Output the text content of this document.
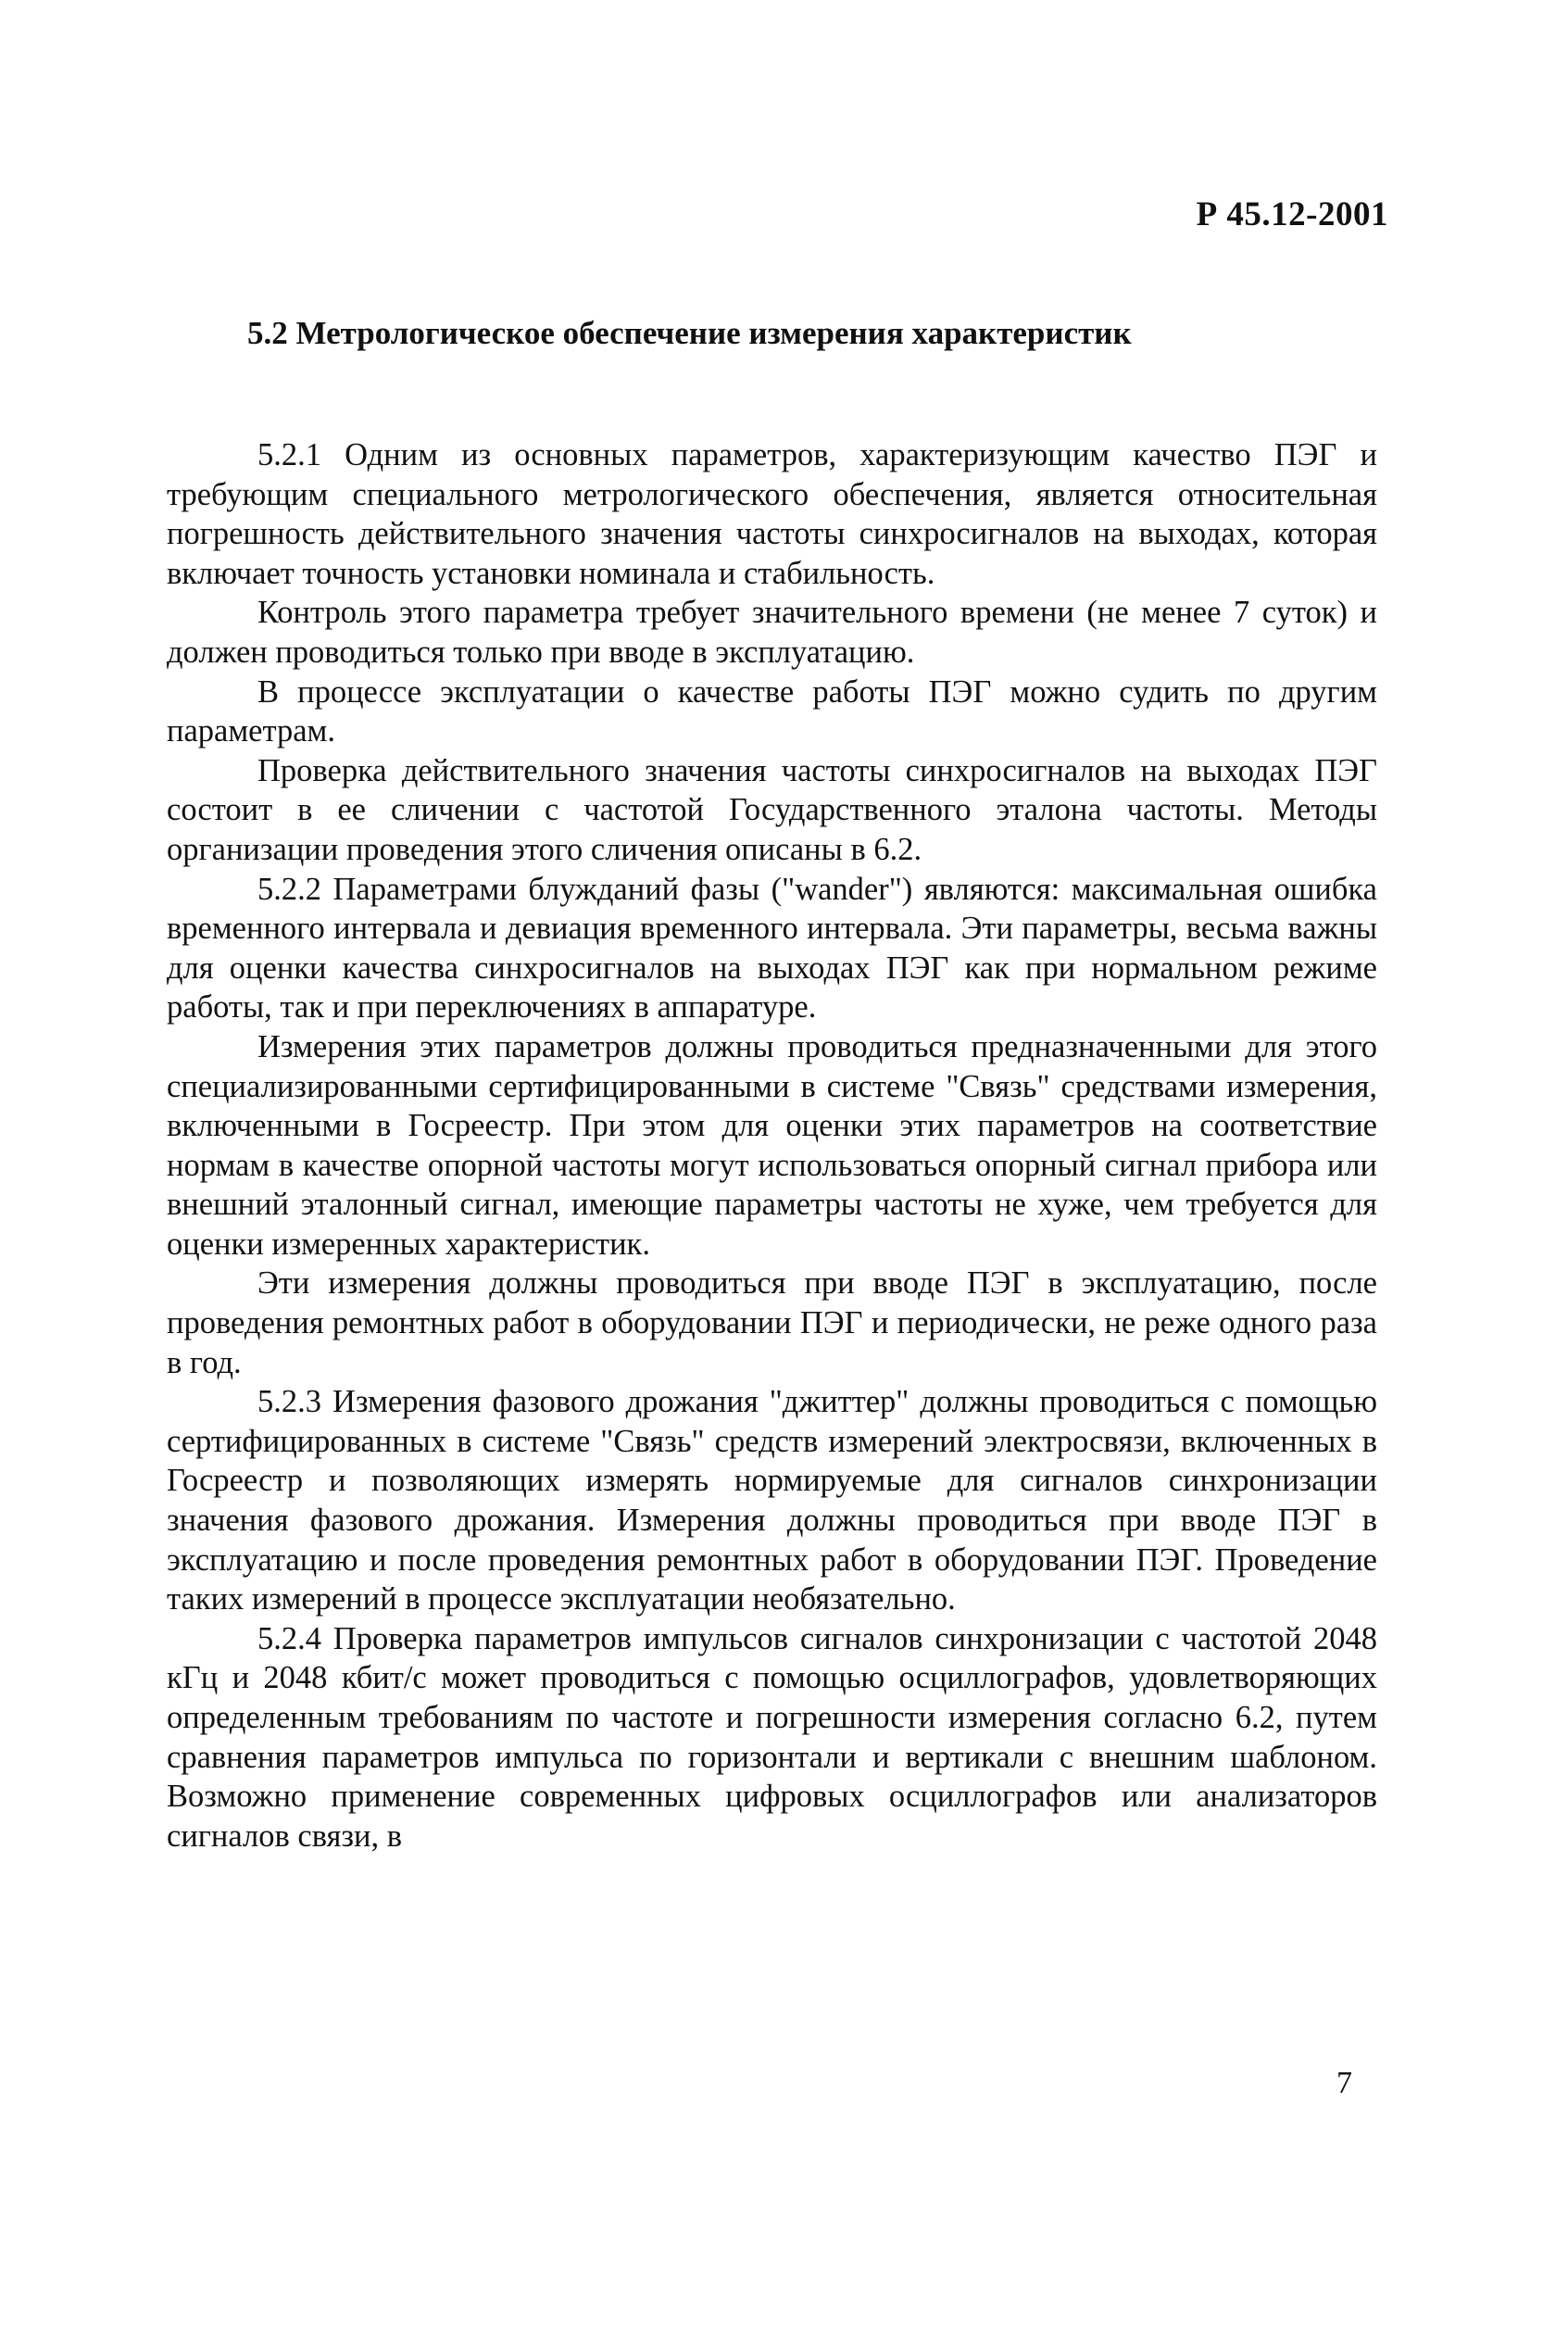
Р 45.12-2001
5.2 Метрологическое обеспечение измерения характеристик

5.2.1 Одним из основных параметров, характеризующим качество ПЭГ и требующим специального метрологического обеспечения, является относительная погрешность действительного значения частоты синхросигналов на выходах, которая включает точность установки номинала и стабильность.

Контроль этого параметра требует значительного времени (не менее 7 суток) и должен проводиться только при вводе в эксплуатацию.

В процессе эксплуатации о качестве работы ПЭГ можно судить по другим параметрам.

Проверка действительного значения частоты синхросигналов на выходах ПЭГ состоит в ее сличении с частотой Государственного эталона частоты. Методы организации проведения этого сличения описаны в 6.2.

5.2.2 Параметрами блужданий фазы ("wander") являются: максимальная ошибка временного интервала и девиация временного интервала. Эти параметры, весьма важны для оценки качества синхросигналов на выходах ПЭГ как при нормальном режиме работы, так и при переключениях в аппаратуре.

Измерения этих параметров должны проводиться предназначенными для этого специализированными сертифицированными в системе "Связь" средствами измерения, включенными в Госреестр. При этом для оценки этих параметров на соответствие нормам в качестве опорной частоты могут использоваться опорный сигнал прибора или внешний эталонный сигнал, имеющие параметры частоты не хуже, чем требуется для оценки измеренных характеристик.

Эти измерения должны проводиться при вводе ПЭГ в эксплуатацию, после проведения ремонтных работ в оборудовании ПЭГ и периодически, не реже одного раза в год.

5.2.3 Измерения фазового дрожания "джиттер" должны проводиться с помощью сертифицированных в системе "Связь" средств измерений электросвязи, включенных в Госреестр и позволяющих измерять нормируемые для сигналов синхронизации значения фазового дрожания. Измерения должны проводиться при вводе ПЭГ в эксплуатацию и после проведения ремонтных работ в оборудовании ПЭГ. Проведение таких измерений в процессе эксплуатации необязательно.

5.2.4 Проверка параметров импульсов сигналов синхронизации с частотой 2048 кГц и 2048 кбит/с может проводиться с помощью осциллографов, удовлетворяющих определенным требованиям по частоте и погрешности измерения согласно 6.2, путем сравнения параметров импульса по горизонтали и вертикали с внешним шаблоном. Возможно применение современных цифровых осциллографов или анализаторов сигналов связи, в

7
